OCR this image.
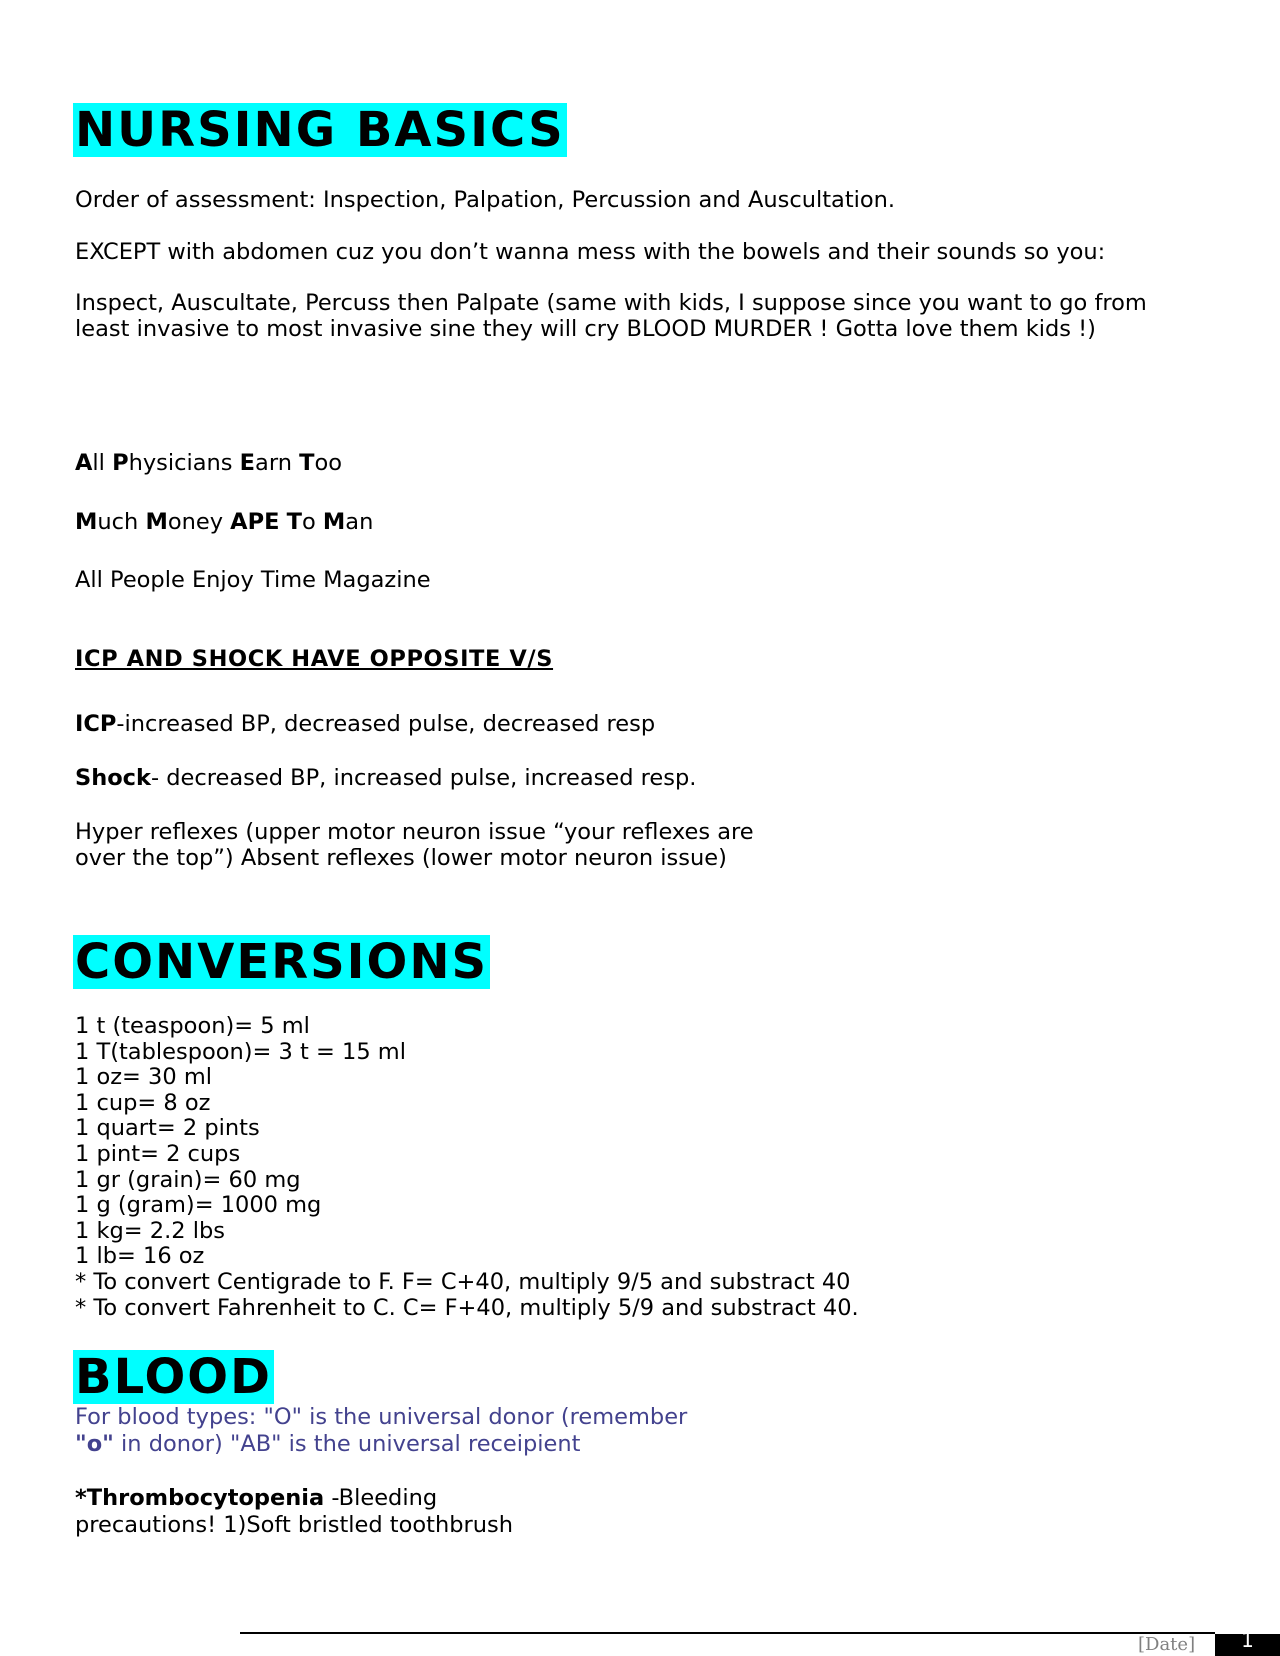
NURSING BASICS

Order of assessment: Inspection, Palpation, Percussion and Auscultation.

EXCEPT with abdomen cuz you don’t wanna mess with the bowels and their sounds so you:

Inspect, Auscultate, Percuss then Palpate (same with kids, I suppose since you want to go from least invasive to most invasive sine they will cry BLOOD MURDER ! Gotta love them kids !)

All Physicians Earn Too

Much Money APE To Man

All People Enjoy Time Magazine

ICP AND SHOCK HAVE OPPOSITE V/S

ICP-increased BP, decreased pulse, decreased resp

Shock- decreased BP, increased pulse, increased resp.

Hyper reflexes (upper motor neuron issue “your reflexes are

over the top”) Absent reflexes (lower motor neuron issue)

CONVERSIONS

1 t (teaspoon)= 5 ml

1 T(tablespoon)= 3 t = 15 ml

1 oz= 30 ml

1 cup= 8 oz

1 quart= 2 pints

1 pint= 2 cups

1 gr (grain)= 60 mg

1 g (gram)= 1000 mg

1 kg= 2.2 lbs

1 lb= 16 oz

* To convert Centigrade to F. F= C+40, multiply 9/5 and substract 40

* To convert Fahrenheit to C. C= F+40, multiply 5/9 and substract 40.

BLOOD

For blood types: "O" is the universal donor (remember

"o" in donor) "AB" is the universal receipient

*Thrombocytopenia -Bleeding

precautions! 1)Soft bristled toothbrush

[Date]	1
